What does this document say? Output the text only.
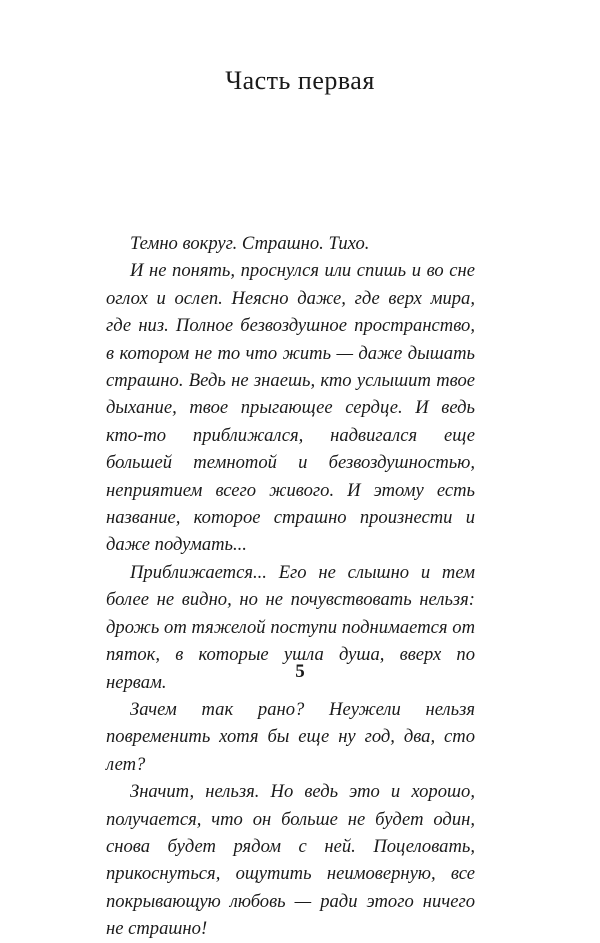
Часть первая

Темно вокруг. Страшно. Тихо.

И не понять, проснулся или спишь и во сне оглох и ослеп. Неясно даже, где верх мира, где низ. Полное безвоздушное пространство, в котором не то что жить — даже дышать страшно. Ведь не знаешь, кто услышит твое дыхание, твое прыгающее сердце. И ведь кто-то приближался, надвигался еще большей темнотой и безвоздушностью, неприятием всего живого. И этому есть название, которое страшно произнести и даже подумать...

Приближается... Его не слышно и тем более не видно, но не почувствовать нельзя: дрожь от тяжелой поступи поднимается от пяток, в которые ушла душа, вверх по нервам.

Зачем так рано? Неужели нельзя повременить хотя бы еще ну год, два, сто лет?

Значит, нельзя. Но ведь это и хорошо, получается, что он больше не будет один, снова будет рядом с ней. Поцеловать, прикоснуться, ощутить неимоверную, все покрывающую любовь — ради этого ничего не страшно!

5
